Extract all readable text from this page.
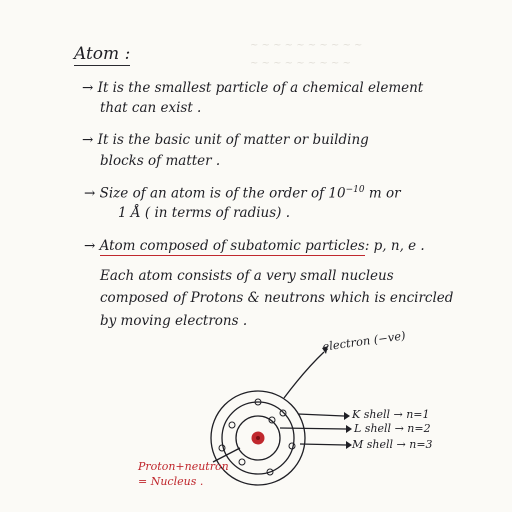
~ ~ ~ ~ ~ ~ ~ ~ ~ ~
~ ~ ~ ~ ~ ~ ~ ~ ~
Atom :
→ It is the smallest particle of a chemical element
that can exist .
→ It is the basic unit of matter or building
blocks of matter .
→ Size of an atom is of the order of $10^{-10}$ m or
1 Å ( in terms of radius) .
→ Atom composed of subatomic particles: p, n, e .
Each atom consists of a very small nucleus
composed of Protons & neutrons which is encircled
by moving electrons .
electron (−ve)
K shell → n=1
L shell → n=2
M shell → n=3
Proton+neutron
= Nucleus .
